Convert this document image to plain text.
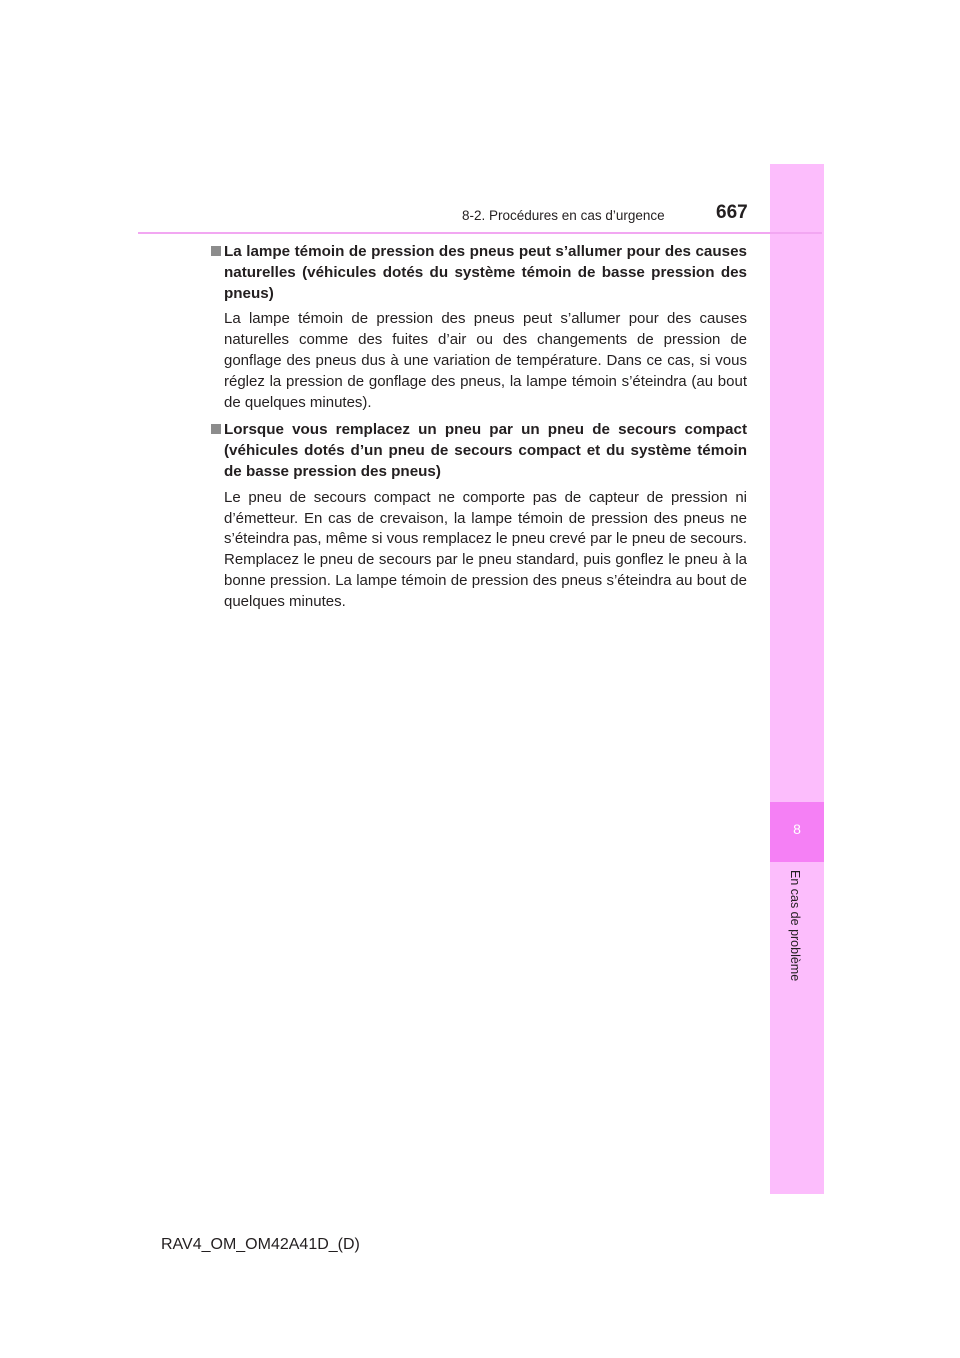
8
En cas de problème
8-2. Procédures en cas d’urgence	667
La lampe témoin de pression des pneus peut s’allumer pour des causes naturelles (véhicules dotés du système témoin de basse pression des pneus)
La lampe témoin de pression des pneus peut s’allumer pour des causes naturelles comme des fuites d’air ou des changements de pression de gonflage des pneus dus à une variation de température. Dans ce cas, si vous réglez la pression de gonflage des pneus, la lampe témoin s’éteindra (au bout de quelques minutes).
Lorsque vous remplacez un pneu par un pneu de secours compact (véhicules dotés d’un pneu de secours compact et du système témoin de basse pression des pneus)
Le pneu de secours compact ne comporte pas de capteur de pression ni d’émetteur. En cas de crevaison, la lampe témoin de pression des pneus ne s’éteindra pas, même si vous remplacez le pneu crevé par le pneu de secours. Remplacez le pneu de secours par le pneu standard, puis gonflez le pneu à la bonne pression. La lampe témoin de pression des pneus s’éteindra au bout de quelques minutes.
RAV4_OM_OM42A41D_(D)
